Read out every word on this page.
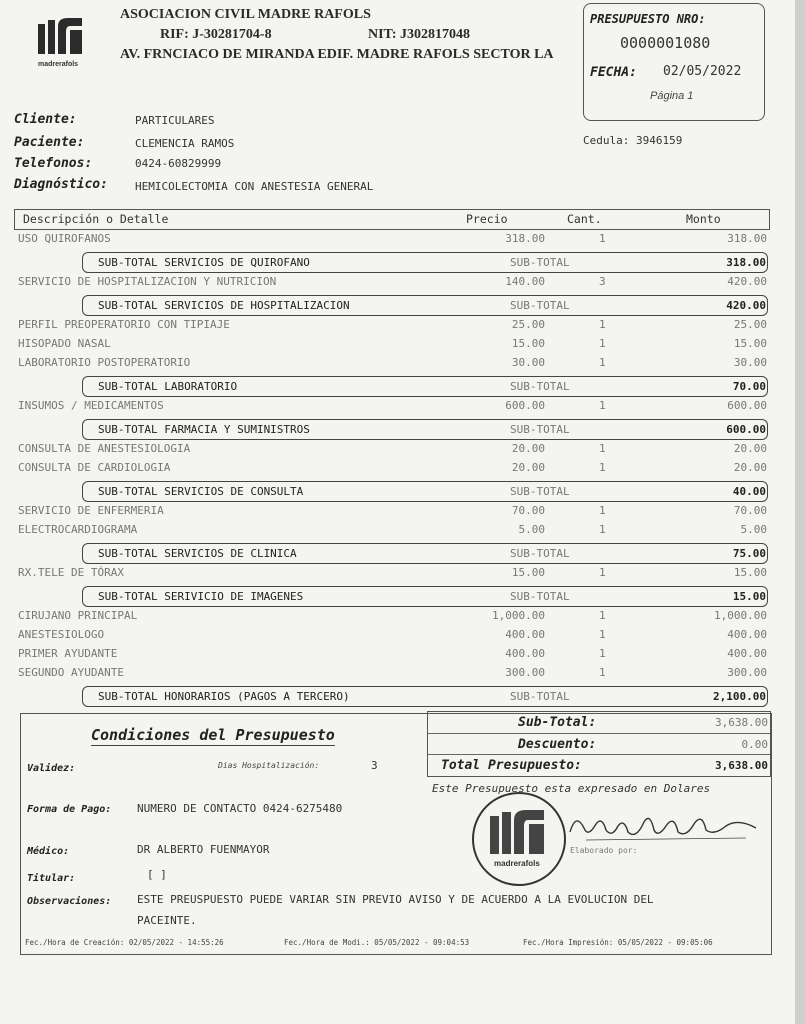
madrerafols
ASOCIACION CIVIL MADRE RAFOLS
RIF: J-30281704-8	NIT: J302817048
AV. FRNCIACO DE MIRANDA EDIF. MADRE RAFOLS SECTOR LA
PRESUPUESTO NRO:
0000001080
FECHA: 02/05/2022
Página 1
Cliente:	PARTICULARES
Paciente:	CLEMENCIA RAMOS	Cedula: 3946159
Telefonos:	0424-60829999
Diagnóstico: HEMICOLECTOMIA CON ANESTESIA GENERAL
Descripción o Detalle	Precio	Cant.	Monto
USO QUIROFANOS	318.00	1	318.00
SUB-TOTAL SERVICIOS DE QUIROFANO	SUB-TOTAL	318.00
SERVICIO DE HOSPITALIZACION Y NUTRICION	140.00	3	420.00
SUB-TOTAL SERVICIOS DE HOSPITALIZACION	SUB-TOTAL	420.00
PERFIL PREOPERATORIO CON TIPIAJE	25.00	1	25.00
HISOPADO NASAL	15.00	1	15.00
LABORATORIO POSTOPERATORIO	30.00	1	30.00
SUB-TOTAL LABORATORIO	SUB-TOTAL	70.00
INSUMOS / MEDICAMENTOS	600.00	1	600.00
SUB-TOTAL FARMACIA Y SUMINISTROS	SUB-TOTAL	600.00
CONSULTA DE ANESTESIOLOGIA	20.00	1	20.00
CONSULTA DE CARDIOLOGIA	20.00	1	20.00
SUB-TOTAL SERVICIOS DE CONSULTA	SUB-TOTAL	40.00
SERVICIO DE ENFERMERIA	70.00	1	70.00
ELECTROCARDIOGRAMA	5.00	1	5.00
SUB-TOTAL SERVICIOS DE CLINICA	SUB-TOTAL	75.00
RX.TELE DE TÓRAX	15.00	1	15.00
SUB-TOTAL SERIVICIO DE IMAGENES	SUB-TOTAL	15.00
CIRUJANO PRINCIPAL	1,000.00	1	1,000.00
ANESTESIOLOGO	400.00	1	400.00
PRIMER AYUDANTE	400.00	1	400.00
SEGUNDO AYUDANTE	300.00	1	300.00
SUB-TOTAL HONORARIOS (PAGOS A TERCERO)	SUB-TOTAL	2,100.00
Condiciones del Presupuesto
Sub-Total:	3,638.00
Descuento:	0.00
Total Presupuesto:	3,638.00
Este Presupuesto esta expresado en Dolares
Validez:	Dias Hospitalización:	3
Forma de Pago: NUMERO DE CONTACTO 0424-6275480
Médico:	DR ALBERTO FUENMAYOR
Titular:	[ ]
Observaciones: ESTE PREUSPUESTO PUEDE VARIAR SIN PREVIO AVISO Y DE ACUERDO A LA EVOLUCION DEL
PACEINTE.
madrerafols
Elaborado por:
Fec./Hora de Creación: 02/05/2022 - 14:55:26	Fec./Hora de Modi.: 05/05/2022 - 09:04:53	Fec./Hora Impresión: 05/05/2022 - 09:05:06
